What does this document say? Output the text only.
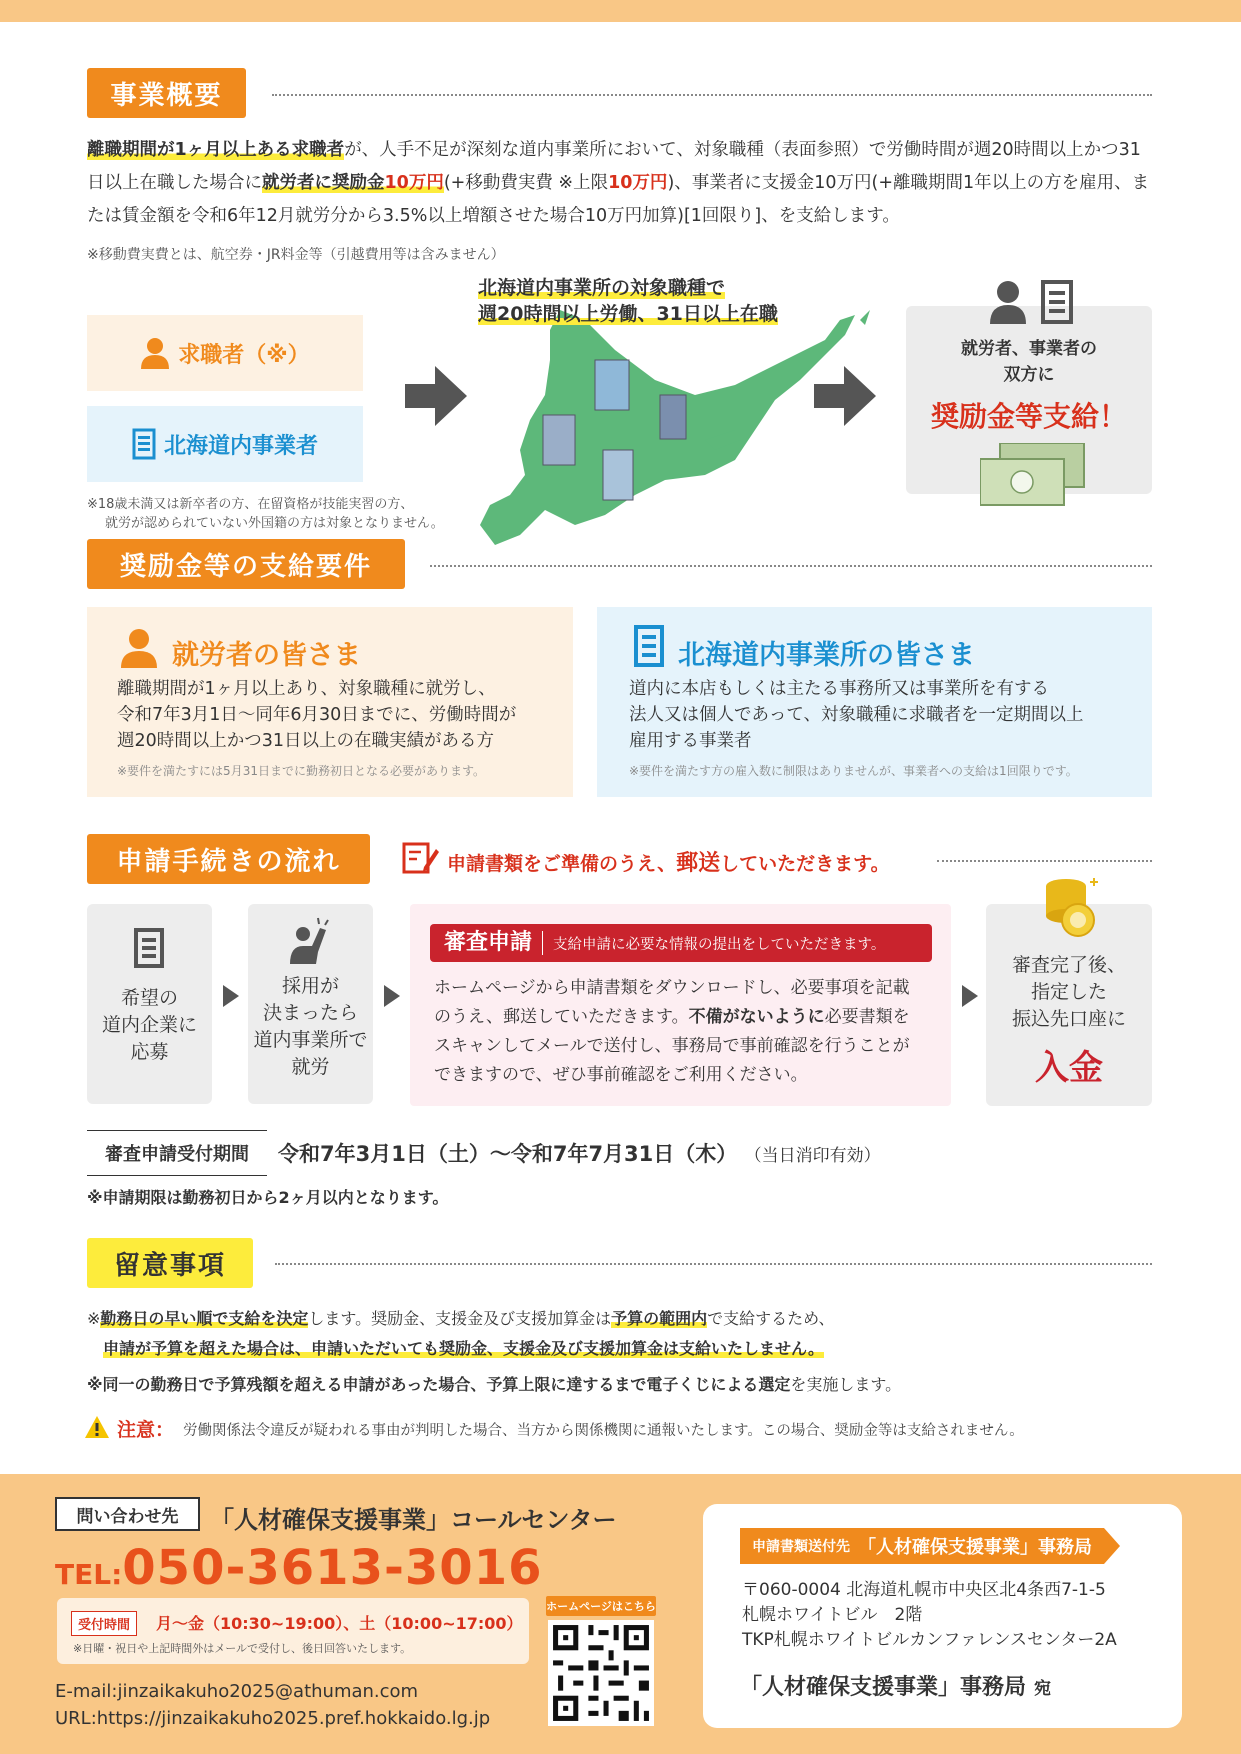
事業概要
離職期間が1ヶ月以上ある求職者が、人手不足が深刻な道内事業所において、対象職種（表面参照）で労働時間が週20時間以上かつ31日以上在職した場合に就労者に奨励金10万円(+移動費実費 ※上限10万円)、事業者に支援金10万円(+離職期間1年以上の方を雇用、または賃金額を令和6年12月就労分から3.5%以上増額させた場合10万円加算)[1回限り]、を支給します。
※移動費実費とは、航空券・JR料金等（引越費用等は含みません）
求職者（※）
北海道内事業者
※18歳未満又は新卒者の方、在留資格が技能実習の方、
就労が認められていない外国籍の方は対象となりません。
北海道内事業所の対象職種で
週20時間以上労働、31日以上在職
就労者、事業者の
双方に
奨励金等支給！
奨励金等の支給要件
就労者の皆さま
離職期間が1ヶ月以上あり、対象職種に就労し、
令和7年3月1日～同年6月30日までに、労働時間が
週20時間以上かつ31日以上の在職実績がある方
※要件を満たすには5月31日までに勤務初日となる必要があります。
北海道内事業所の皆さま
道内に本店もしくは主たる事務所又は事業所を有する
法人又は個人であって、対象職種に求職者を一定期間以上
雇用する事業者
※要件を満たす方の雇入数に制限はありませんが、事業者への支給は1回限りです。
申請手続きの流れ	申請書類をご準備のうえ、郵送していただきます。
希望の
道内企業に
応募
採用が
決まったら
道内事業所で
就労
審査申請	支給申請に必要な情報の提出をしていただきます。
ホームページから申請書類をダウンロードし、必要事項を記載
のうえ、郵送していただきます。不備がないように必要書類を
スキャンしてメールで送付し、事務局で事前確認を行うことが
できますので、ぜひ事前確認をご利用ください。
審査完了後、
指定した
振込先口座に
入金
審査申請受付期間	令和7年3月1日（土）～令和7年7月31日（木） （当日消印有効）
※申請期限は勤務初日から2ヶ月以内となります。
留意事項
※勤務日の早い順で支給を決定します。奨励金、支援金及び支援加算金は予算の範囲内で支給するため、
申請が予算を超えた場合は、申請いただいても奨励金、支援金及び支援加算金は支給いたしません。
※同一の勤務日で予算残額を超える申請があった場合、予算上限に達するまで電子くじによる選定を実施します。
注意： 労働関係法令違反が疑われる事由が判明した場合、当方から関係機関に通報いたします。この場合、奨励金等は支給されません。
問い合わせ先	「人材確保支援事業」コールセンター
TEL:050-3613-3016
受付時間	月～金（10:30~19:00）、土（10:00~17:00）
※日曜・祝日や上記時間外はメールで受付し、後日回答いたします。
ホームページはこちら
E-mail:jinzaikakuho2025@athuman.com
URL:https://jinzaikakuho2025.pref.hokkaido.lg.jp
申請書類送付先 「人材確保支援事業」事務局
〒060-0004 北海道札幌市中央区北4条西7-1-5
札幌ホワイトビル　2階
TKP札幌ホワイトビルカンファレンスセンター2A
「人材確保支援事業」事務局 宛
